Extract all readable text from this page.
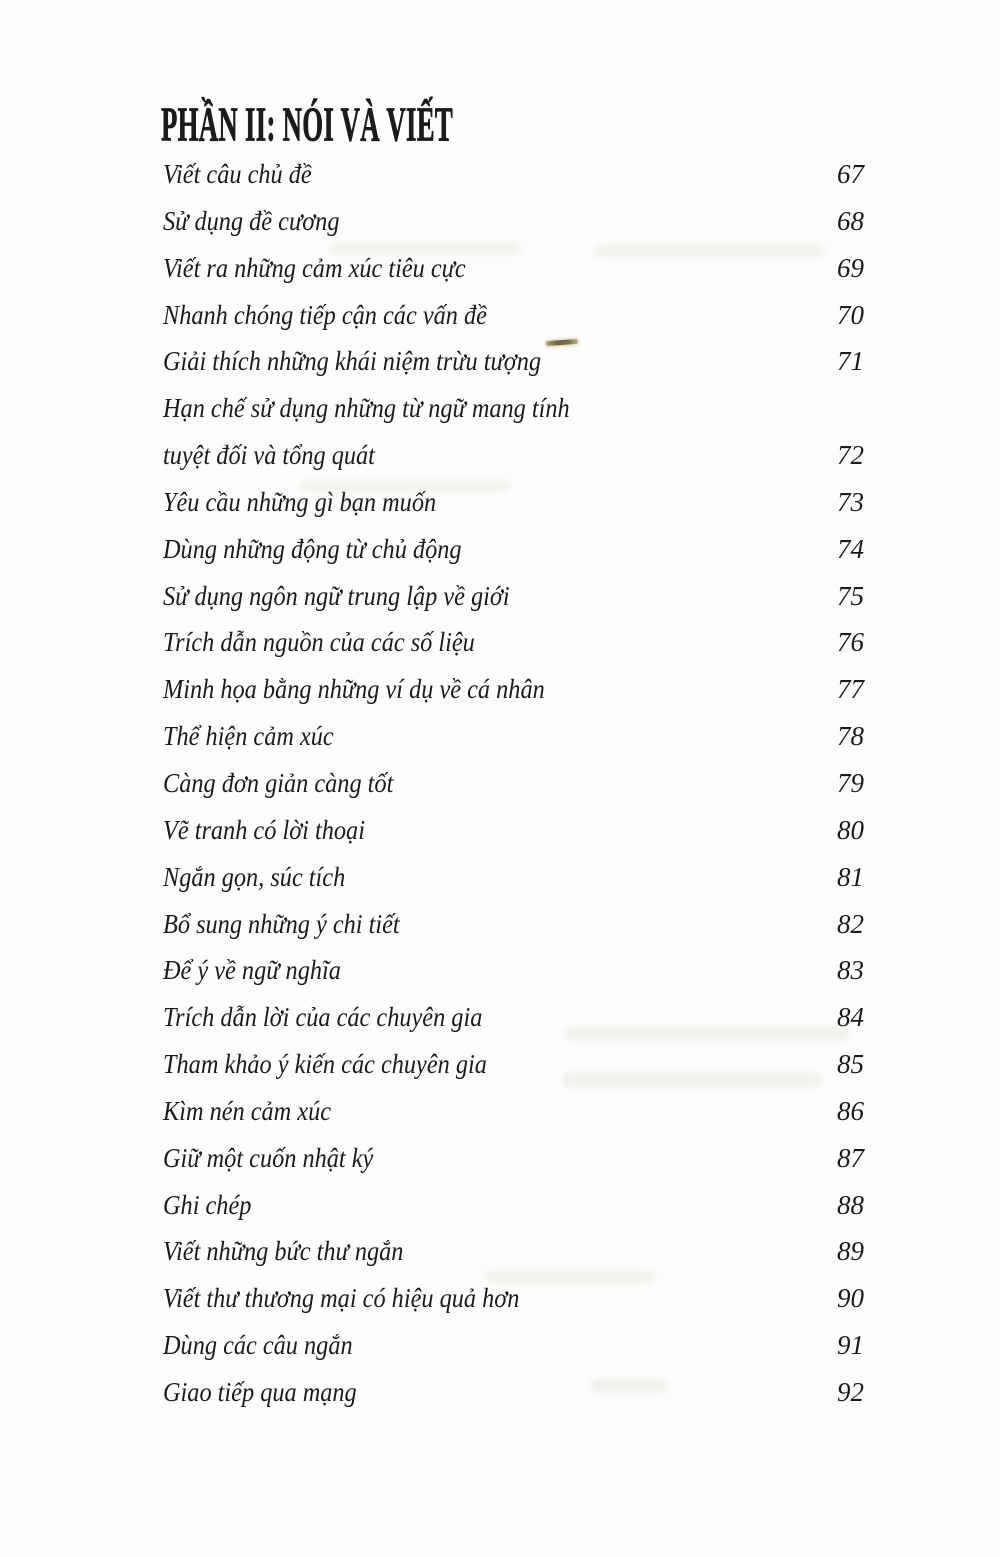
PHẦN II: NÓI VÀ VIẾT
Viết câu chủ đề	67
Sử dụng đề cương	68
Viết ra những cảm xúc tiêu cực	69
Nhanh chóng tiếp cận các vấn đề	70
Giải thích những khái niệm trừu tượng	71
Hạn chế sử dụng những từ ngữ mang tính
tuyệt đối và tổng quát	72
Yêu cầu những gì bạn muốn	73
Dùng những động từ chủ động	74
Sử dụng ngôn ngữ trung lập về giới	75
Trích dẫn nguồn của các số liệu	76
Minh họa bằng những ví dụ về cá nhân	77
Thể hiện cảm xúc	78
Càng đơn giản càng tốt	79
Vẽ tranh có lời thoại	80
Ngắn gọn, súc tích	81
Bổ sung những ý chi tiết	82
Để ý về ngữ nghĩa	83
Trích dẫn lời của các chuyên gia	84
Tham khảo ý kiến các chuyên gia	85
Kìm nén cảm xúc	86
Giữ một cuốn nhật ký	87
Ghi chép	88
Viết những bức thư ngắn	89
Viết thư thương mại có hiệu quả hơn	90
Dùng các câu ngắn	91
Giao tiếp qua mạng	92
